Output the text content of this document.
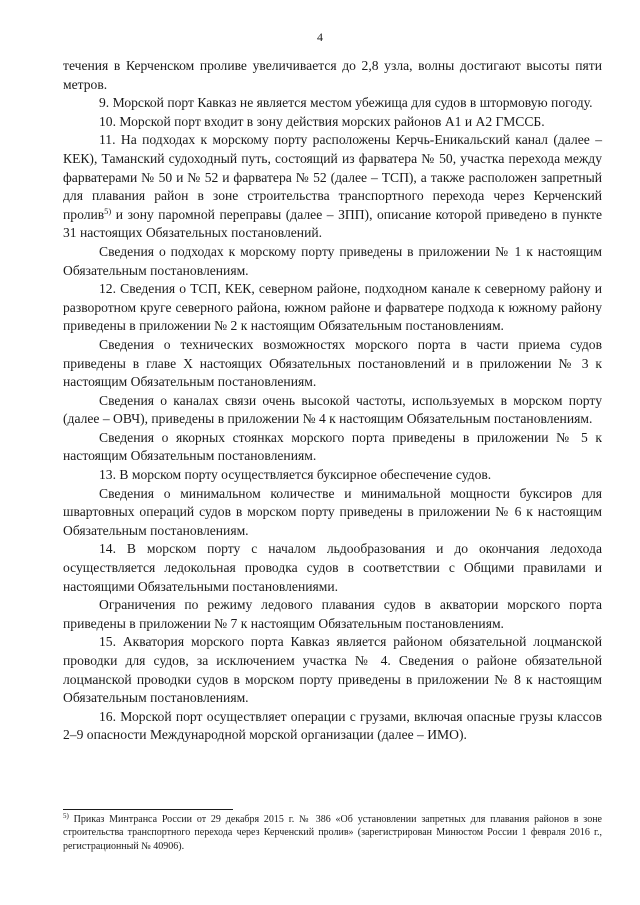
4

течения в Керченском проливе увеличивается до 2,8 узла, волны достигают высоты пяти метров.

9. Морской порт Кавказ не является местом убежища для судов в штормовую погоду.

10. Морской порт входит в зону действия морских районов А1 и А2 ГМССБ.

11. На подходах к морскому порту расположены Керчь-Еникальский канал (далее – КЕК), Таманский судоходный путь, состоящий из фарватера № 50, участка перехода между фарватерами № 50 и № 52 и фарватера № 52 (далее – ТСП), а также расположен запретный для плавания район в зоне строительства транспортного перехода через Керченский пролив$^{5)}$ и зону паромной переправы (далее – ЗПП), описание которой приведено в пункте 31 настоящих Обязательных постановлений.

Сведения о подходах к морскому порту приведены в приложении № 1 к настоящим Обязательным постановлениям.

12. Сведения о ТСП, КЕК, северном районе, подходном канале к северному району и разворотном круге северного района, южном районе и фарватере подхода к южному району приведены в приложении № 2 к настоящим Обязательным постановлениям.

Сведения о технических возможностях морского порта в части приема судов приведены в главе X настоящих Обязательных постановлений и в приложении № 3 к настоящим Обязательным постановлениям.

Сведения о каналах связи очень высокой частоты, используемых в морском порту (далее – ОВЧ), приведены в приложении № 4 к настоящим Обязательным постановлениям.

Сведения о якорных стоянках морского порта приведены в приложении № 5 к настоящим Обязательным постановлениям.

13. В морском порту осуществляется буксирное обеспечение судов.

Сведения о минимальном количестве и минимальной мощности буксиров для швартовных операций судов в морском порту приведены в приложении № 6 к настоящим Обязательным постановлениям.

14. В морском порту с началом льдообразования и до окончания ледохода осуществляется ледокольная проводка судов в соответствии с Общими правилами и настоящими Обязательными постановлениями.

Ограничения по режиму ледового плавания судов в акватории морского порта приведены в приложении № 7 к настоящим Обязательным постановлениям.

15. Акватория морского порта Кавказ является районом обязательной лоцманской проводки для судов, за исключением участка № 4. Сведения о районе обязательной лоцманской проводки судов в морском порту приведены в приложении № 8 к настоящим Обязательным постановлениям.

16. Морской порт осуществляет операции с грузами, включая опасные грузы классов 2–9 опасности Международной морской организации (далее – ИМО).

$^{5)}$ Приказ Минтранса России от 29 декабря 2015 г. № 386 «Об установлении запретных для плавания районов в зоне строительства транспортного перехода через Керченский пролив» (зарегистрирован Минюстом России 1 февраля 2016 г., регистрационный № 40906).
